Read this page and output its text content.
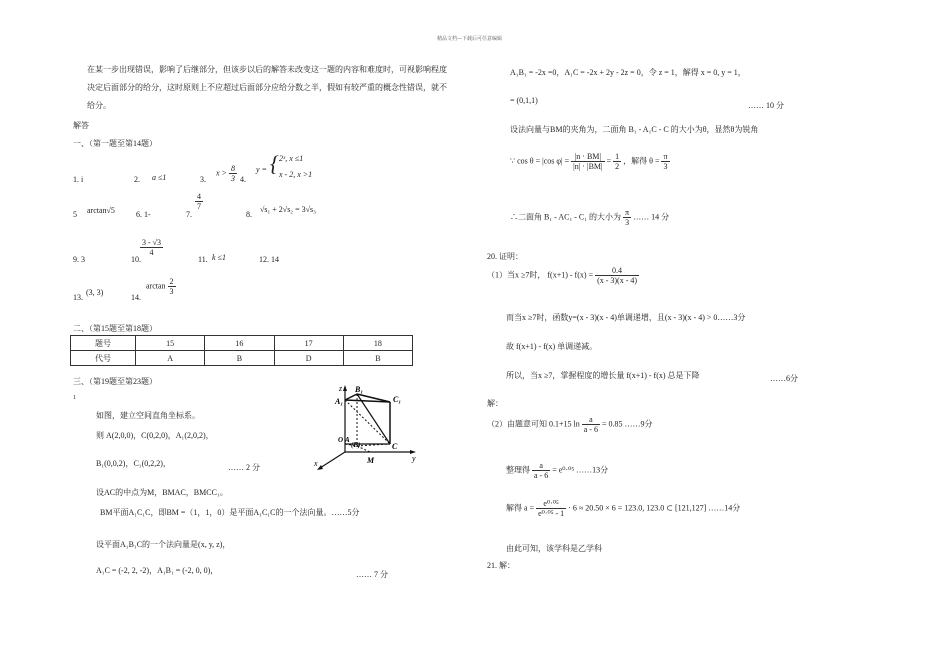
精品文档---下载后可任意编辑
在某一步出现错误，影响了后继部分，但该步以后的解答未改变这一题的内容和难度时，可视影响程度
决定后面部分的给分，这时原则上不应超过后面部分应给分数之半，假如有较严重的概念性错误，就不
给分。
解答
一、（第一题至第14题）
1. i	2. a ≤1	3.
$x > \frac{8}{3} 4$.
y = { 2ˣ, x ≤1
x - 2, x >1
5 arctan√5	6. 1-	7.
$\frac{4}{7}$
8.
√s₁ + 2√s₂ = 3√s₃
9. 3	10.
$\frac{3 - √3}{4}$
11. k ≤1	12. 14
13.
(3, 3)
14.
$\arctan \frac{2}{3}$
二、（第15题至第18题）
题号	15	16	17	18
代号	A	B	D	B
三、（第19题至第23题）
1
如图，建立空间直角坐标系。
则 A(2,0,0)，C(0,2,0)，A₁(2,0,2)，
B₁(0,0,2)，C₁(0,2,2)，	…… 2 分
设AC的中点为M，BMAC，BMCC₁。
BM平面A₁C₁C，即BM =（1，1，0）是平面A₁C₁C的一个法向量。……5分
设平面A₁B₁C的一个法向量是(x, y, z)，
A₁C = (-2, 2, -2)，A₁B₁ = (-2, 0, 0)，	…… 7 分
z
x
y
A₁
B₁
C₁
O A
(B)	C
M
A₁B₁ = -2x =0，A₁C = -2x + 2y - 2z = 0，令 z = 1，解得 x = 0, y = 1，
= (0,1,1)
…… 10 分
设法向量与BM的夹角为，二面角 B₁ - A₁C - C 的大小为θ，显然θ为锐角
∵ cos θ = |cos $\varphi| = \frac{|n \cdot BM|}{|n| \cdot |BM|} = \frac{1}{2}$ ，解得 $\theta = \frac{\pi}{3}$
∴二面角 B₁ - AC₁ - C₁ 的大小为 $\frac{\pi}{3}$ …… 14 分
20. 证明：
（1）当x ≥7时， $f(x+1) - f(x) = \frac{0.4}{(x - 3)(x - 4)}$
而当x ≥7时，函数y=(x - 3)(x - 4)单调递增，且(x - 3)(x - 4) > 0……3分
故 f(x+1) - f(x) 单调递减。
所以，当x ≥7，掌握程度的增长量 f(x+1) - f(x) 总是下降	……6分
解：
（2）由题意可知 0.1+15 $\ln \frac{a}{a - 6} = 0.85$ ……9分
整理得 $\frac{a}{a - 6} = e^0\cdot^{05}$ ……13分
解得 $a = \frac{\text{e⁰·⁰⁵}}{\text{e⁰·⁰⁵ - 1}} \cdot 6 \approx 20.50 \times 6 = 123.0$, 123.0 ⊂ [121,127] ……14分
由此可知，该学科是乙学科
21. 解：
